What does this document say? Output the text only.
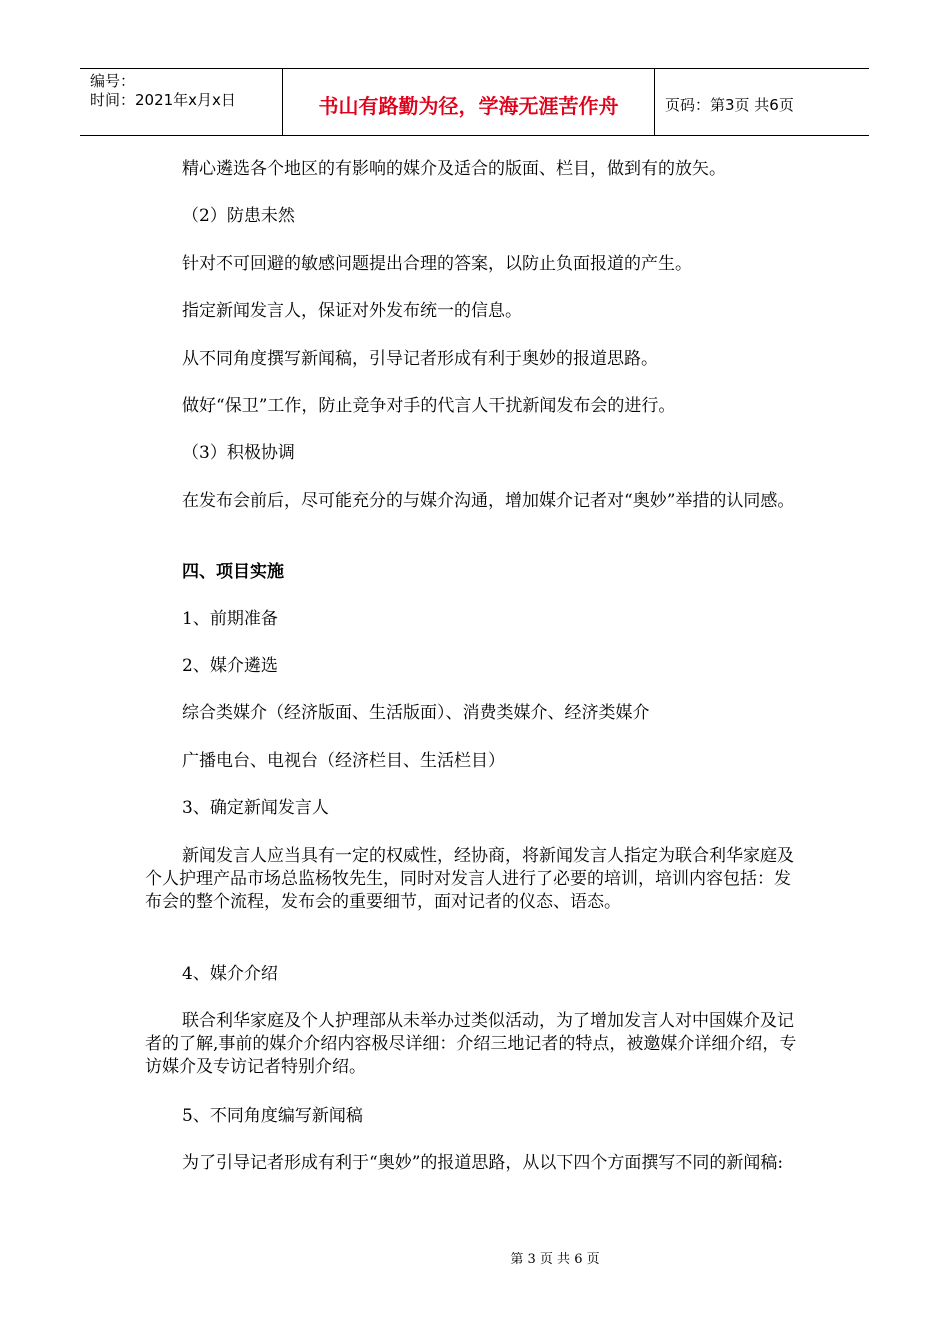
编号：
时间：2021年x月x日	书山有路勤为径，学海无涯苦作舟	页码：第3页 共6页

精心遴选各个地区的有影响的媒介及适合的版面、栏目，做到有的放矢。

（2）防患未然

针对不可回避的敏感问题提出合理的答案，以防止负面报道的产生。

指定新闻发言人，保证对外发布统一的信息。

从不同角度撰写新闻稿，引导记者形成有利于奥妙的报道思路。

做好“保卫”工作，防止竞争对手的代言人干扰新闻发布会的进行。

（3）积极协调

在发布会前后，尽可能充分的与媒介沟通，增加媒介记者对“奥妙”举措的认同感。

四、项目实施

1、前期准备

2、媒介遴选

综合类媒介（经济版面、生活版面）、消费类媒介、经济类媒介

广播电台、电视台（经济栏目、生活栏目）

3、确定新闻发言人

新闻发言人应当具有一定的权威性，经协商，将新闻发言人指定为联合利华家庭及个人护理产品市场总监杨牧先生，同时对发言人进行了必要的培训，培训内容包括：发布会的整个流程，发布会的重要细节，面对记者的仪态、语态。

4、媒介介绍

联合利华家庭及个人护理部从未举办过类似活动，为了增加发言人对中国媒介及记者的了解,事前的媒介介绍内容极尽详细：介绍三地记者的特点，被邀媒介详细介绍，专访媒介及专访记者特别介绍。

5、不同角度编写新闻稿

为了引导记者形成有利于“奥妙”的报道思路，从以下四个方面撰写不同的新闻稿:

第 3 页 共 6 页
